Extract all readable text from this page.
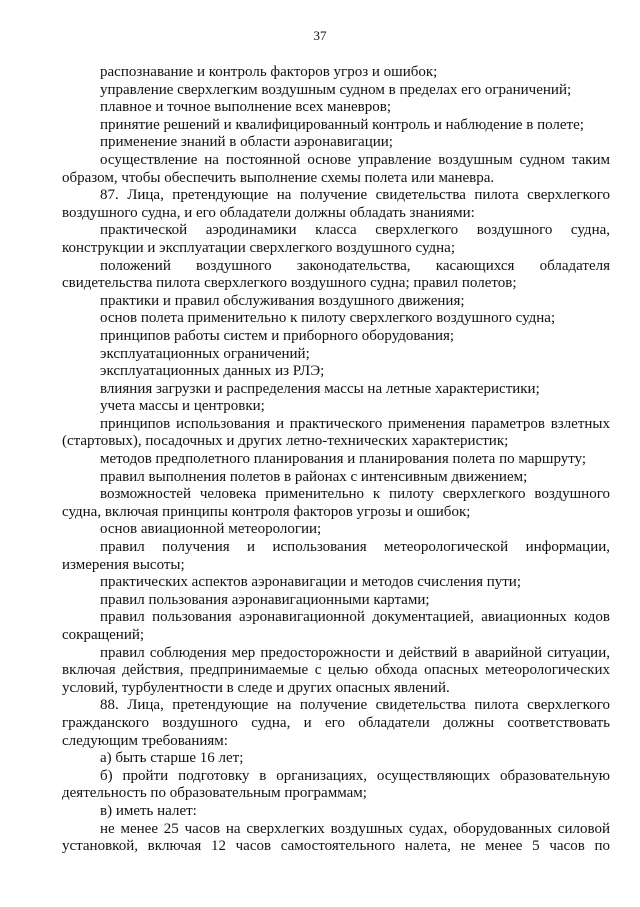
37
распознавание и контроль факторов угроз и ошибок;
управление сверхлегким воздушным судном в пределах его ограничений;
плавное и точное выполнение всех маневров;
принятие решений и квалифицированный контроль и наблюдение в полете;
применение знаний в области аэронавигации;
осуществление на постоянной основе управление воздушным судном таким
образом, чтобы обеспечить выполнение схемы полета или маневра.
87. Лица, претендующие на получение свидетельства пилота сверхлегкого
воздушного судна, и его обладатели должны обладать знаниями:
практической аэродинамики класса сверхлегкого воздушного судна,
конструкции и эксплуатации сверхлегкого воздушного судна;
положений воздушного законодательства, касающихся обладателя
свидетельства пилота сверхлегкого воздушного судна; правил полетов;
практики и правил обслуживания воздушного движения;
основ полета применительно к пилоту сверхлегкого воздушного судна;
принципов работы систем и приборного оборудования;
эксплуатационных ограничений;
эксплуатационных данных из РЛЭ;
влияния загрузки и распределения массы на летные характеристики;
учета массы и центровки;
принципов использования и практического применения параметров взлетных
(стартовых), посадочных и других летно-технических характеристик;
методов предполетного планирования и планирования полета по маршруту;
правил выполнения полетов в районах с интенсивным движением;
возможностей человека применительно к пилоту сверхлегкого воздушного
судна, включая принципы контроля факторов угрозы и ошибок;
основ авиационной метеорологии;
правил получения и использования метеорологической информации,
измерения высоты;
практических аспектов аэронавигации и методов счисления пути;
правил пользования аэронавигационными картами;
правил пользования аэронавигационной документацией, авиационных кодов
сокращений;
правил соблюдения мер предосторожности и действий в аварийной ситуации,
включая действия, предпринимаемые с целью обхода опасных метеорологических
условий, турбулентности в следе и других опасных явлений.
88. Лица, претендующие на получение свидетельства пилота сверхлегкого
гражданского воздушного судна, и его обладатели должны соответствовать
следующим требованиям:
а) быть старше 16 лет;
б) пройти подготовку в организациях, осуществляющих образовательную
деятельность по образовательным программам;
в) иметь налет:
не менее 25 часов на сверхлегких воздушных судах, оборудованных силовой
установкой, включая 12 часов самостоятельного налета, не менее 5 часов по
